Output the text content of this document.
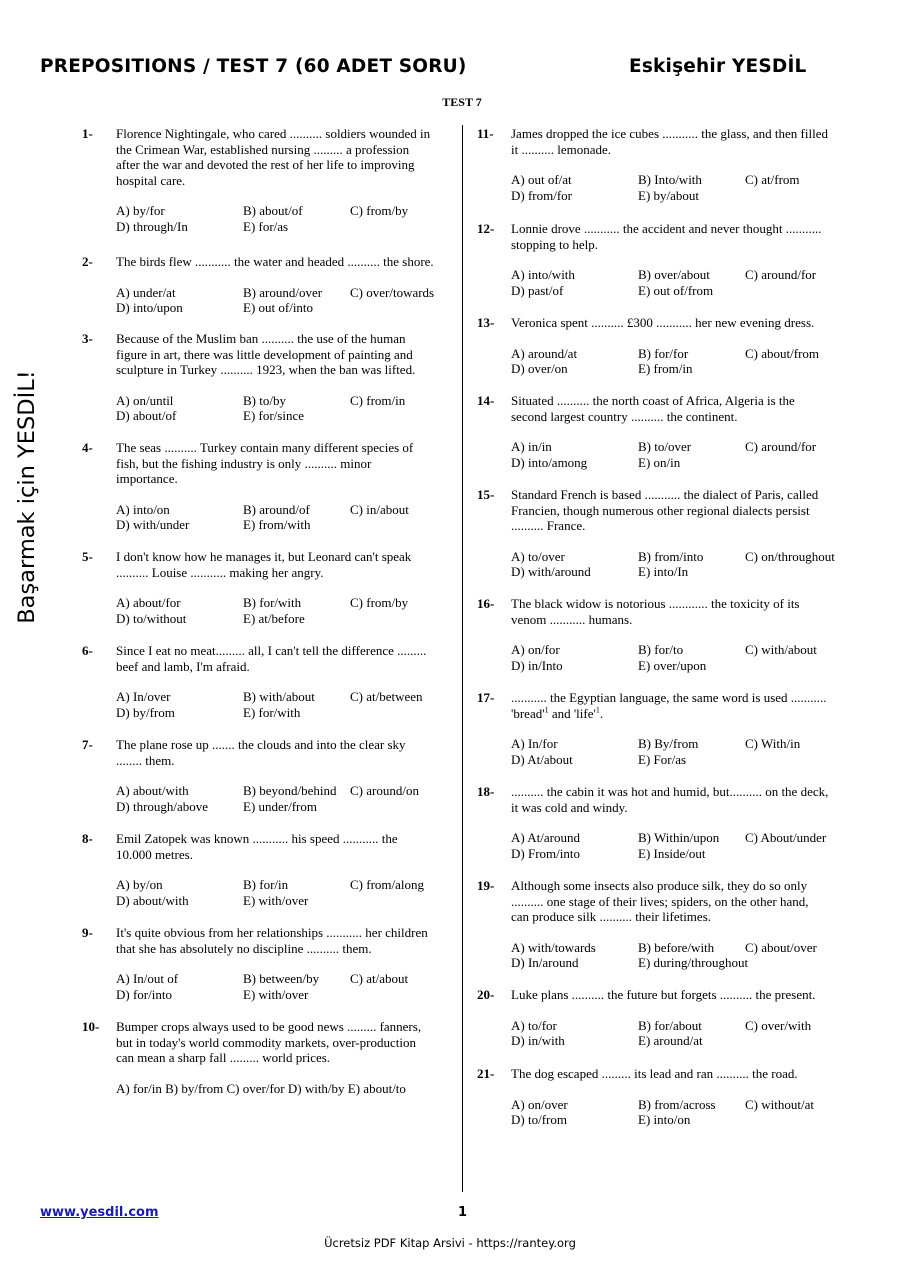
PREPOSITIONS / TEST 7 (60 ADET SORU)	Eskişehir YESDİL
TEST 7
Başarmak için YESDİL!
1- Florence Nightingale, who cared .......... soldiers wounded in
the Crimean War, established nursing ......... a profession
after the war and devoted the rest of her life to improving
hospital care.
A) by/for	B) about/of	C) from/by
D) through/In	E) for/as
2- The birds flew ........... the water and headed .......... the shore.
A) under/at	B) around/over	C) over/towards
D) into/upon	E) out of/into
3- Because of the Muslim ban .......... the use of the human
figure in art, there was little development of painting and
sculpture in Turkey .......... 1923, when the ban was lifted.
A) on/until	B) to/by	C) from/in
D) about/of	E) for/since
4- The seas .......... Turkey contain many different species of
fish, but the fishing industry is only .......... minor
importance.
A) into/on	B) around/of	C) in/about
D) with/under	E) from/with
5- I don't know how he manages it, but Leonard can't speak
.......... Louise ........... making her angry.
A) about/for	B) for/with	C) from/by
D) to/without	E) at/before
6- Since I eat no meat......... all, I can't tell the difference .........
beef and lamb, I'm afraid.
A) In/over	B) with/about	C) at/between
D) by/from	E) for/with
7- The plane rose up ....... the clouds and into the clear sky
........ them.
A) about/with	B) beyond/behind	C) around/on
D) through/above	E) under/from
8- Emil Zatopek was known ........... his speed ........... the
10.000 metres.
A) by/on	B) for/in	C) from/along
D) about/with	E) with/over
9- It's quite obvious from her relationships ........... her children
that she has absolutely no discipline .......... them.
A) In/out of	B) between/by	C) at/about
D) for/into	E) with/over
10- Bumper crops always used to be good news ......... fanners,
but in today's world commodity markets, over-production
can mean a sharp fall ......... world prices.
A) for/in B) by/from C) over/for D) with/by E) about/to
11- James dropped the ice cubes ........... the glass, and then filled
it .......... lemonade.
A) out of/at	B) Into/with	C) at/from
D) from/for	E) by/about
12- Lonnie drove ........... the accident and never thought ...........
stopping to help.
A) into/with	B) over/about	C) around/for
D) past/of	E) out of/from
13- Veronica spent .......... £300 ........... her new evening dress.
A) around/at	B) for/for	C) about/from
D) over/on	E) from/in
14- Situated .......... the north coast of Africa, Algeria is the
second largest country .......... the continent.
A) in/in	B) to/over	C) around/for
D) into/among	E) on/in
15- Standard French is based ........... the dialect of Paris, called
Francien, though numerous other regional dialects persist
.......... France.
A) to/over	B) from/into	C) on/throughout
D) with/around	E) into/In
16- The black widow is notorious ............ the toxicity of its
venom ........... humans.
A) on/for	B) for/to	C) with/about
D) in/Into	E) over/upon
17- ........... the Egyptian language, the same word is used ...........
'$bread'^1$ and '$life'^1$.
A) In/for	B) By/from	C) With/in
D) At/about	E) For/as
18- .......... the cabin it was hot and humid, but.......... on the deck,
it was cold and windy.
A) At/around	B) Within/upon	C) About/under
D) From/into	E) Inside/out
19- Although some insects also produce silk, they do so only
.......... one stage of their lives; spiders, on the other hand,
can produce silk .......... their lifetimes.
A) with/towards	B) before/with	C) about/over
D) In/around	E) during/throughout
20- Luke plans .......... the future but forgets .......... the present.
A) to/for	B) for/about	C) over/with
D) in/with	E) around/at
21- The dog escaped ......... its lead and ran .......... the road.
A) on/over	B) from/across	C) without/at
D) to/from	E) into/on
www.yesdil.com	1
Ücretsiz PDF Kitap Arsivi - https://rantey.org
